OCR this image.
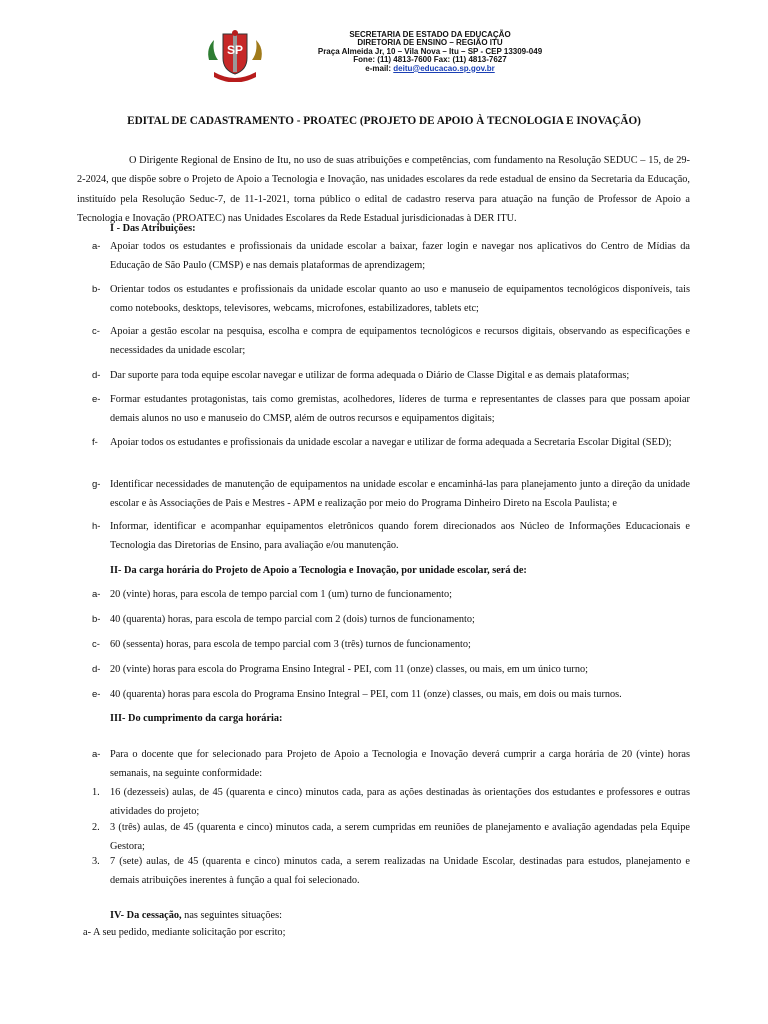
SP
SECRETARIA DE ESTADO DA EDUCAÇÃO
DIRETORIA DE ENSINO – REGIÃO ITU
Praça Almeida Jr, 10 – Vila Nova – Itu – SP - CEP 13309-049
Fone: (11) 4813-7600 Fax: (11) 4813-7627
e-mail: deitu@educacao.sp.gov.br
EDITAL DE CADASTRAMENTO - PROATEC (PROJETO DE APOIO À TECNOLOGIA E INOVAÇÃO)
O Dirigente Regional de Ensino de Itu, no uso de suas atribuições e competências, com fundamento na Resolução SEDUC – 15, de 29-2-2024, que dispõe sobre o Projeto de Apoio a Tecnologia e Inovação, nas unidades escolares da rede estadual de ensino da Secretaria da Educação, instituído pela Resolução Seduc-7, de 11-1-2021, torna público o edital de cadastro reserva para atuação na função de Professor de Apoio a Tecnologia e Inovação (PROATEC) nas Unidades Escolares da Rede Estadual jurisdicionadas à DER ITU.
I - Das Atribuições:
a- Apoiar todos os estudantes e profissionais da unidade escolar a baixar, fazer login e navegar nos aplicativos do Centro de Mídias da Educação de São Paulo (CMSP) e nas demais plataformas de aprendizagem;
b- Orientar todos os estudantes e profissionais da unidade escolar quanto ao uso e manuseio de equipamentos tecnológicos disponíveis, tais como notebooks, desktops, televisores, webcams, microfones, estabilizadores, tablets etc;
c- Apoiar a gestão escolar na pesquisa, escolha e compra de equipamentos tecnológicos e recursos digitais, observando as especificações e necessidades da unidade escolar;
d- Dar suporte para toda equipe escolar navegar e utilizar de forma adequada o Diário de Classe Digital e as demais plataformas;
e- Formar estudantes protagonistas, tais como gremistas, acolhedores, líderes de turma e representantes de classes para que possam apoiar demais alunos no uso e manuseio do CMSP, além de outros recursos e equipamentos digitais;
f-	Apoiar todos os estudantes e profissionais da unidade escolar a navegar e utilizar de forma adequada a Secretaria Escolar Digital (SED);
g- Identificar necessidades de manutenção de equipamentos na unidade escolar e encaminhá-las para planejamento junto a direção da unidade escolar e às Associações de Pais e Mestres - APM e realização por meio do Programa Dinheiro Direto na Escola Paulista; e
h- Informar, identificar e acompanhar equipamentos eletrônicos quando forem direcionados aos Núcleo de Informações Educacionais e Tecnologia das Diretorias de Ensino, para avaliação e/ou manutenção.
II- Da carga horária do Projeto de Apoio a Tecnologia e Inovação, por unidade escolar, será de:
a- 20 (vinte) horas, para escola de tempo parcial com 1 (um) turno de funcionamento;
b- 40 (quarenta) horas, para escola de tempo parcial com 2 (dois) turnos de funcionamento;
c- 60 (sessenta) horas, para escola de tempo parcial com 3 (três) turnos de funcionamento;
d- 20 (vinte) horas para escola do Programa Ensino Integral - PEI, com 11 (onze) classes, ou mais, em um único turno;
e- 40 (quarenta) horas para escola do Programa Ensino Integral – PEI, com 11 (onze) classes, ou mais, em dois ou mais turnos.
III- Do cumprimento da carga horária:
a- Para o docente que for selecionado para Projeto de Apoio a Tecnologia e Inovação deverá cumprir a carga horária de 20 (vinte) horas semanais, na seguinte conformidade:
1. 16 (dezesseis) aulas, de 45 (quarenta e cinco) minutos cada, para as ações destinadas às orientações dos estudantes e professores e outras atividades do projeto;
2. 3 (três) aulas, de 45 (quarenta e cinco) minutos cada, a serem cumpridas em reuniões de planejamento e avaliação agendadas pela Equipe Gestora;
3. 7 (sete) aulas, de 45 (quarenta e cinco) minutos cada, a serem realizadas na Unidade Escolar, destinadas para estudos, planejamento e demais atribuições inerentes à função a qual foi selecionado.
IV- Da cessação, nas seguintes situações:
a- A seu pedido, mediante solicitação por escrito;
